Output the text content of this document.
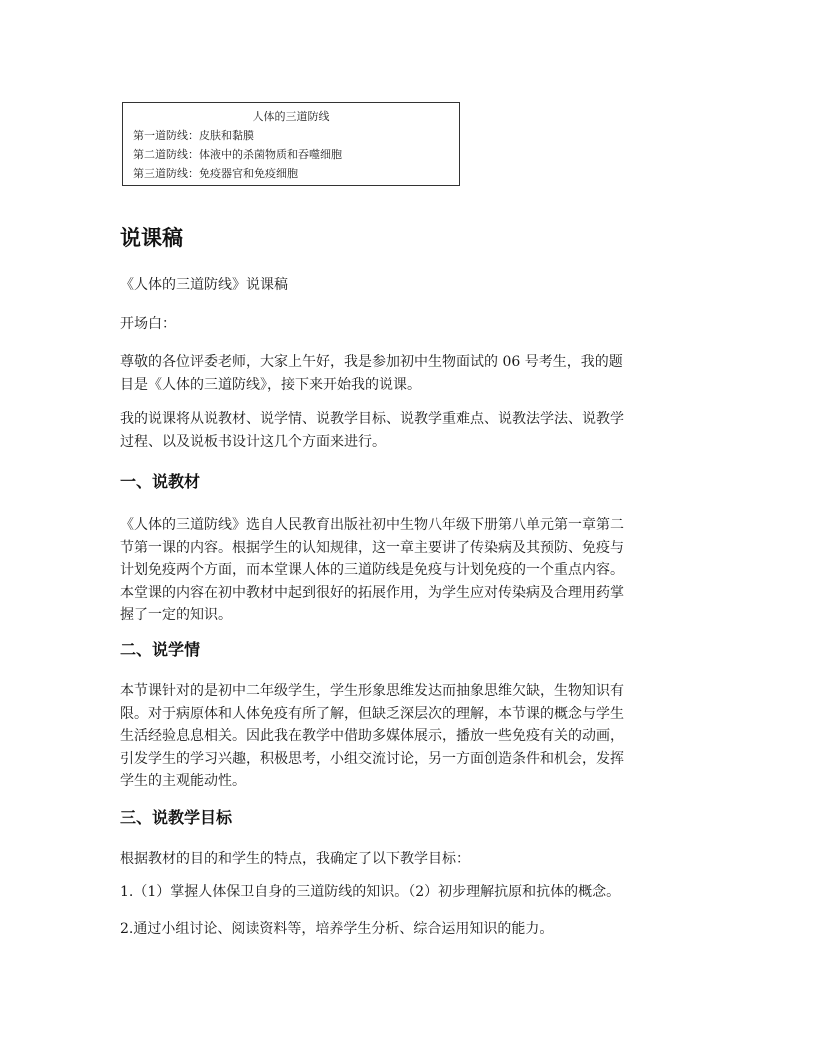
人体的三道防线
第一道防线：皮肤和黏膜
第二道防线：体液中的杀菌物质和吞噬细胞
第三道防线：免疫器官和免疫细胞
说课稿

《人体的三道防线》说课稿

开场白：

尊敬的各位评委老师，大家上午好，我是参加初中生物面试的 06 号考生，我的题
目是《人体的三道防线》，接下来开始我的说课。

我的说课将从说教材、说学情、说教学目标、说教学重难点、说教法学法、说教学
过程、以及说板书设计这几个方面来进行。

一、说教材

《人体的三道防线》选自人民教育出版社初中生物八年级下册第八单元第一章第二
节第一课的内容。根据学生的认知规律，这一章主要讲了传染病及其预防、免疫与
计划免疫两个方面，而本堂课人体的三道防线是免疫与计划免疫的一个重点内容。
本堂课的内容在初中教材中起到很好的拓展作用，为学生应对传染病及合理用药掌
握了一定的知识。

二、说学情

本节课针对的是初中二年级学生，学生形象思维发达而抽象思维欠缺，生物知识有
限。对于病原体和人体免疫有所了解，但缺乏深层次的理解，本节课的概念与学生
生活经验息息相关。因此我在教学中借助多媒体展示，播放一些免疫有关的动画，
引发学生的学习兴趣，积极思考，小组交流讨论，另一方面创造条件和机会，发挥
学生的主观能动性。

三、说教学目标

根据教材的目的和学生的特点，我确定了以下教学目标：

1.（1）掌握人体保卫自身的三道防线的知识。（2）初步理解抗原和抗体的概念。

2.通过小组讨论、阅读资料等，培养学生分析、综合运用知识的能力。
